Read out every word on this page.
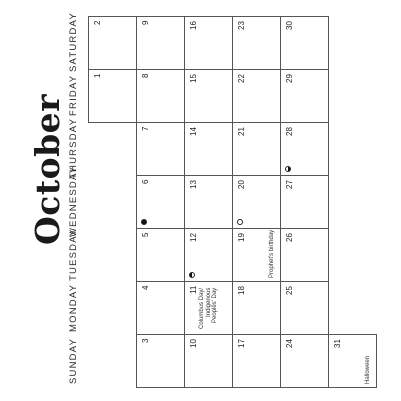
October
SUNDAY
MONDAY
TUESDAY
WEDNESDAY
THURSDAY
FRIDAY
SATURDAY
1
2
3
4
5
6
7
8
9
10
11 Columbus Day/ Indigenous Peoples' Day
12
13
14
15
16
17
18
19	Prophet's birthday
20
21
22
23
24
25
26
27
28
29
30
31
Halloween
